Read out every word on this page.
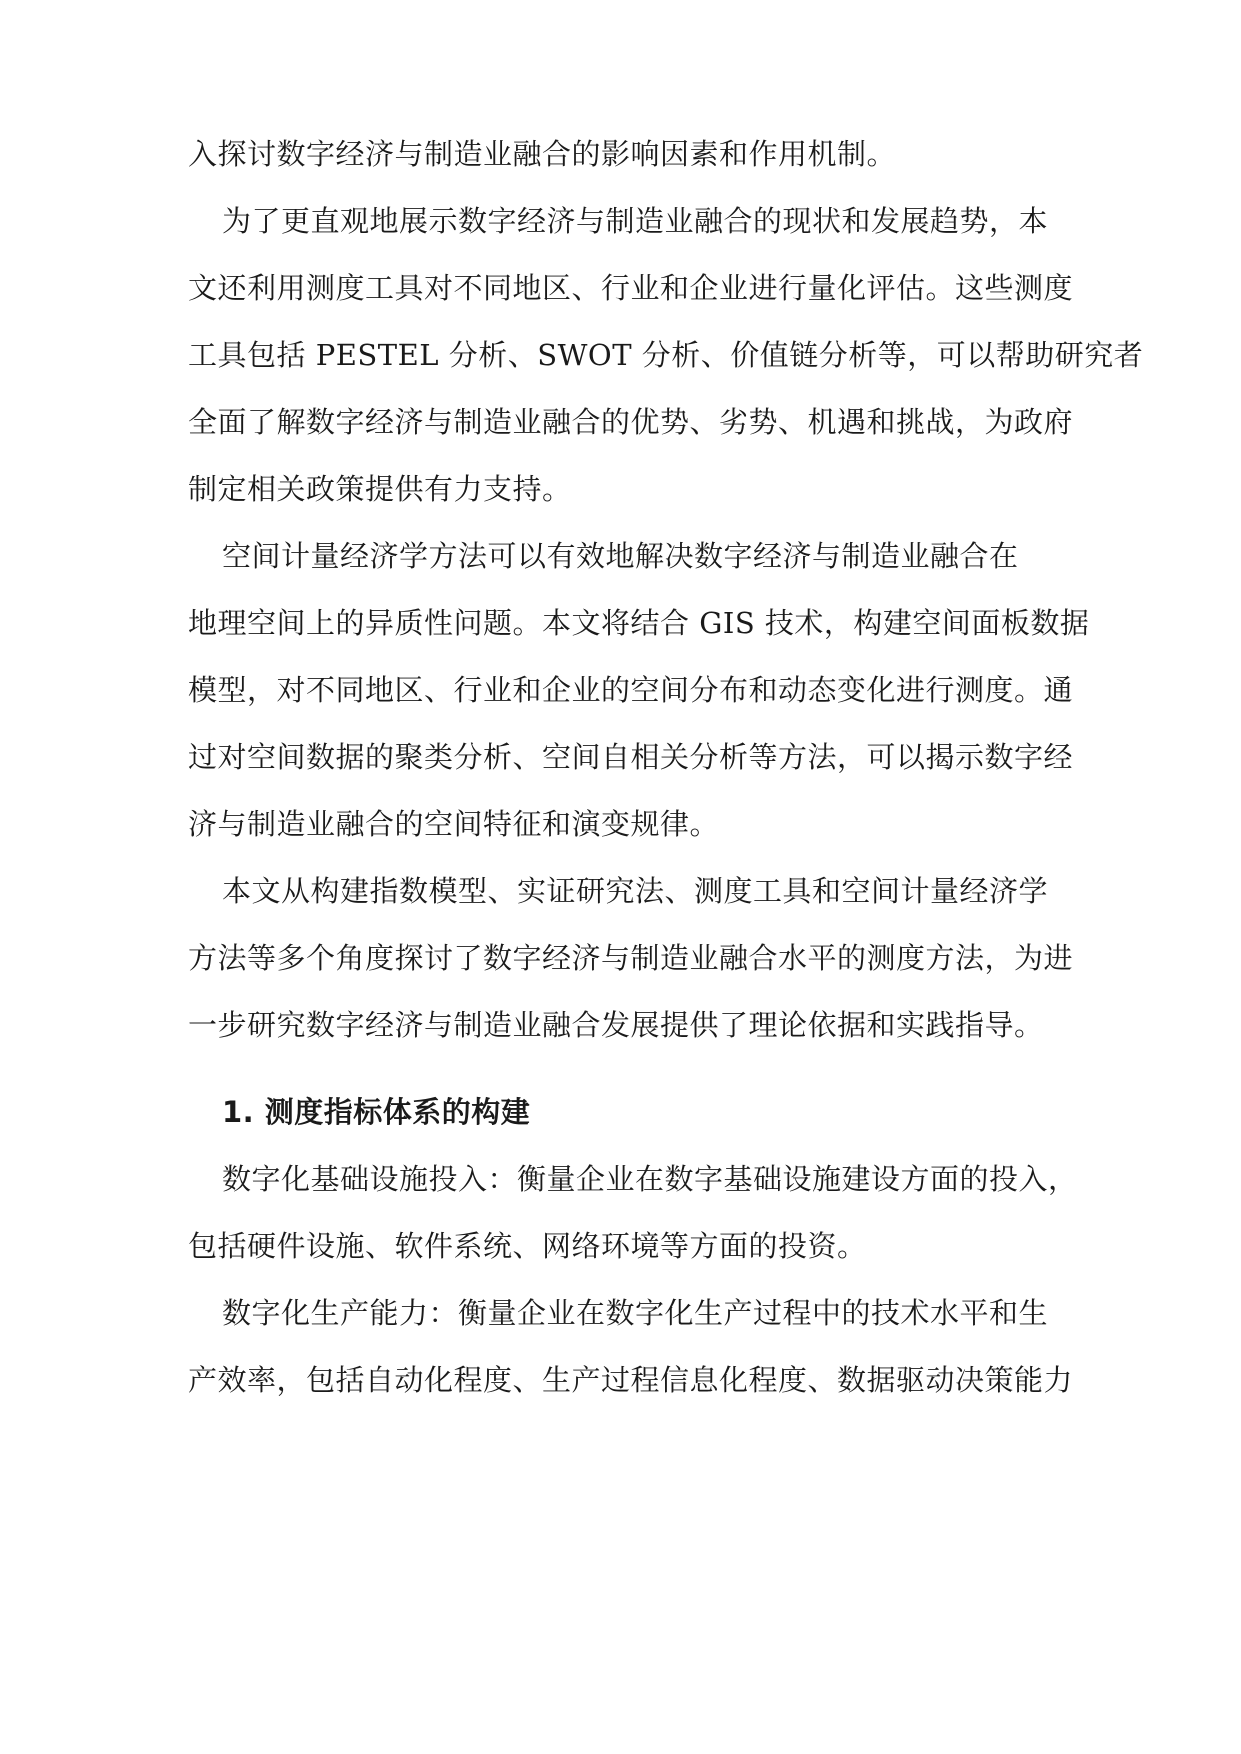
入探讨数字经济与制造业融合的影响因素和作用机制。
为了更直观地展示数字经济与制造业融合的现状和发展趋势，本
文还利用测度工具对不同地区、行业和企业进行量化评估。这些测度
工具包括 PESTEL 分析、SWOT 分析、价值链分析等，可以帮助研究者
全面了解数字经济与制造业融合的优势、劣势、机遇和挑战，为政府
制定相关政策提供有力支持。
空间计量经济学方法可以有效地解决数字经济与制造业融合在
地理空间上的异质性问题。本文将结合 GIS 技术，构建空间面板数据
模型，对不同地区、行业和企业的空间分布和动态变化进行测度。通
过对空间数据的聚类分析、空间自相关分析等方法，可以揭示数字经
济与制造业融合的空间特征和演变规律。
本文从构建指数模型、实证研究法、测度工具和空间计量经济学
方法等多个角度探讨了数字经济与制造业融合水平的测度方法，为进
一步研究数字经济与制造业融合发展提供了理论依据和实践指导。
1. 测度指标体系的构建
数字化基础设施投入：衡量企业在数字基础设施建设方面的投入，
包括硬件设施、软件系统、网络环境等方面的投资。
数字化生产能力：衡量企业在数字化生产过程中的技术水平和生
产效率，包括自动化程度、生产过程信息化程度、数据驱动决策能力
